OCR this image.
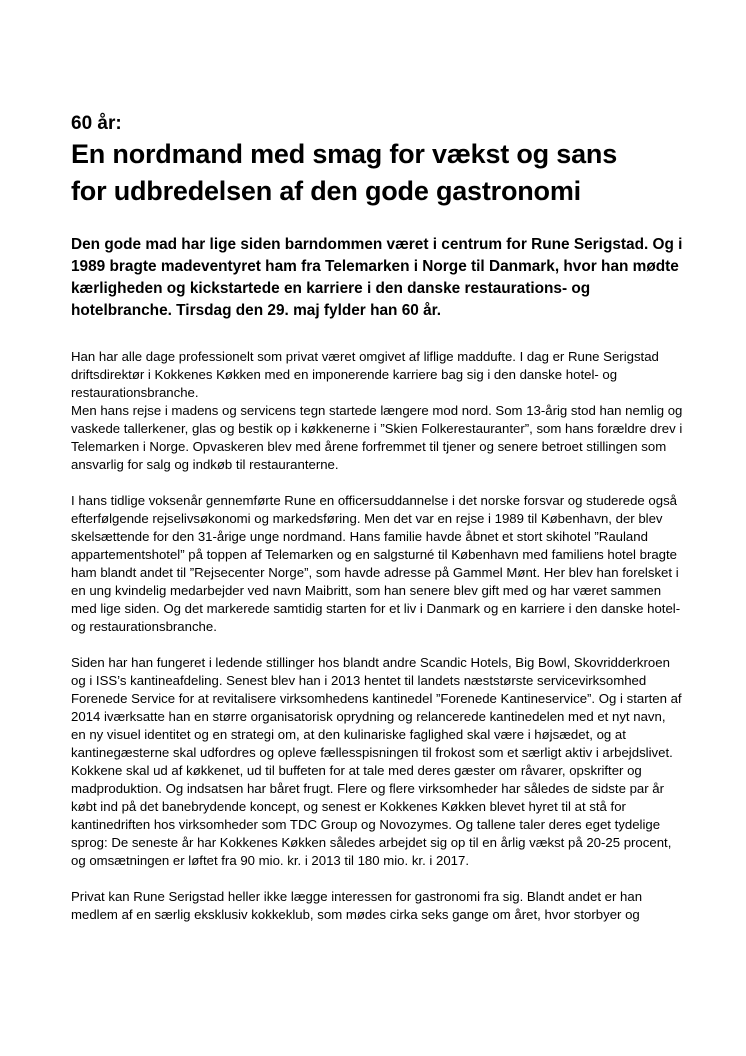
60 år:

En nordmand med smag for vækst og sans
for udbredelsen af den gode gastronomi

Den gode mad har lige siden barndommen været i centrum for Rune Serigstad. Og i 1989 bragte madeventyret ham fra Telemarken i Norge til Danmark, hvor han mødte kærligheden og kickstartede en karriere i den danske restaurations- og hotelbranche. Tirsdag den 29. maj fylder han 60 år.

Han har alle dage professionelt som privat været omgivet af liflige maddufte. I dag er Rune Serigstad driftsdirektør i Kokkenes Køkken med en imponerende karriere bag sig i den danske hotel- og restaurationsbranche.
Men hans rejse i madens og servicens tegn startede længere mod nord. Som 13-årig stod han nemlig og vaskede tallerkener, glas og bestik op i køkkenerne i ”Skien Folkerestauranter”, som hans forældre drev i Telemarken i Norge. Opvaskeren blev med årene forfremmet til tjener og senere betroet stillingen som ansvarlig for salg og indkøb til restauranterne.

I hans tidlige voksenår gennemførte Rune en officersuddannelse i det norske forsvar og studerede også efterfølgende rejselivsøkonomi og markedsføring. Men det var en rejse i 1989 til København, der blev skelsættende for den 31-årige unge nordmand. Hans familie havde åbnet et stort skihotel ”Rauland appartementshotel” på toppen af Telemarken og en salgsturné til København med familiens hotel bragte ham blandt andet til ”Rejsecenter Norge”, som havde adresse på Gammel Mønt. Her blev han forelsket i en ung kvindelig medarbejder ved navn Maibritt, som han senere blev gift med og har været sammen med lige siden. Og det markerede samtidig starten for et liv i Danmark og en karriere i den danske hotel- og restaurationsbranche.

Siden har han fungeret i ledende stillinger hos blandt andre Scandic Hotels, Big Bowl, Skovridderkroen og i ISS’s kantineafdeling. Senest blev han i 2013 hentet til landets næststørste servicevirksomhed Forenede Service for at revitalisere virksomhedens kantinedel ”Forenede Kantineservice”. Og i starten af 2014 iværksatte han en større organisatorisk oprydning og relancerede kantinedelen med et nyt navn, en ny visuel identitet og en strategi om, at den kulinariske faglighed skal være i højsædet, og at kantinegæsterne skal udfordres og opleve fællesspisningen til frokost som et særligt aktiv i arbejdslivet. Kokkene skal ud af køkkenet, ud til buffeten for at tale med deres gæster om råvarer, opskrifter og madproduktion. Og indsatsen har båret frugt. Flere og flere virksomheder har således de sidste par år købt ind på det banebrydende koncept, og senest er Kokkenes Køkken blevet hyret til at stå for kantinedriften hos virksomheder som TDC Group og Novozymes. Og tallene taler deres eget tydelige sprog: De seneste år har Kokkenes Køkken således arbejdet sig op til en årlig vækst på 20-25 procent, og omsætningen er løftet fra 90 mio. kr. i 2013 til 180 mio. kr. i 2017.

Privat kan Rune Serigstad heller ikke lægge interessen for gastronomi fra sig. Blandt andet er han medlem af en særlig eksklusiv kokkeklub, som mødes cirka seks gange om året, hvor storbyer og
